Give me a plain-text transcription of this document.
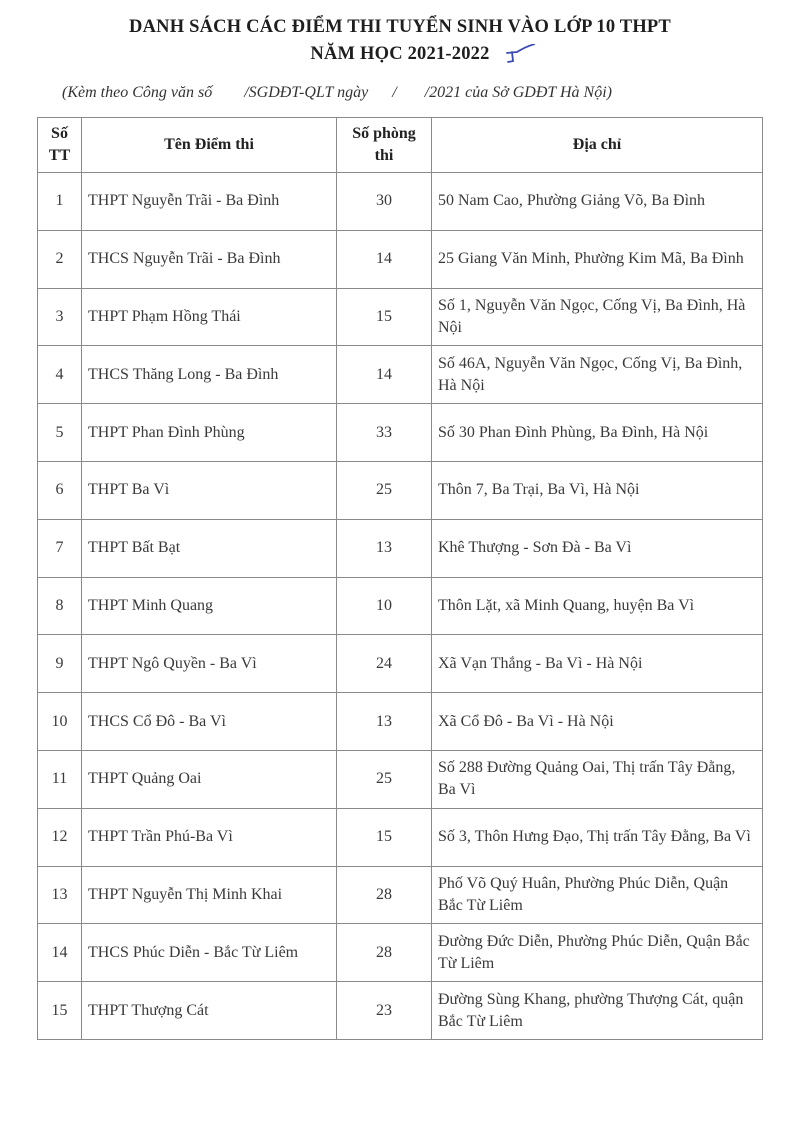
DANH SÁCH CÁC ĐIỂM THI TUYỂN SINH VÀO LỚP 10 THPT
NĂM HỌC 2021-2022
(Kèm theo Công văn số        /SGDĐT-QLT ngày      /       /2021 của Sở GDĐT Hà Nội)
Số TT	Tên Điểm thi	Số phòng thi	Địa chỉ
1	THPT Nguyễn Trãi - Ba Đình	30	50 Nam Cao, Phường Giảng Võ, Ba Đình
2	THCS Nguyễn Trãi - Ba Đình	14	25 Giang Văn Minh, Phường Kim Mã, Ba Đình
3	THPT Phạm Hồng Thái	15	Số 1, Nguyễn Văn Ngọc, Cống Vị, Ba Đình, Hà Nội
4	THCS Thăng Long - Ba Đình	14	Số 46A, Nguyễn Văn Ngọc, Cống Vị, Ba Đình, Hà Nội
5	THPT Phan Đình Phùng	33	Số 30 Phan Đình Phùng, Ba Đình, Hà Nội
6	THPT Ba Vì	25	Thôn 7, Ba Trại, Ba Vì, Hà Nội
7	THPT Bất Bạt	13	Khê Thượng - Sơn Đà - Ba Vì
8	THPT Minh Quang	10	Thôn Lặt, xã Minh Quang, huyện Ba Vì
9	THPT Ngô Quyền - Ba Vì	24	Xã Vạn Thắng - Ba Vì - Hà Nội
10	THCS Cổ Đô - Ba Vì	13	Xã Cổ Đô - Ba Vì - Hà Nội
11	THPT Quảng Oai	25	Số 288 Đường Quảng Oai, Thị trấn Tây Đằng, Ba Vì
12	THPT Trần Phú-Ba Vì	15	Số 3, Thôn Hưng Đạo, Thị trấn Tây Đằng, Ba Vì
13	THPT Nguyễn Thị Minh Khai	28	Phố Võ Quý Huân, Phường Phúc Diễn, Quận Bắc Từ Liêm
14	THCS Phúc Diễn - Bắc Từ Liêm	28	Đường Đức Diễn, Phường Phúc Diễn, Quận Bắc Từ Liêm
15	THPT Thượng Cát	23	Đường Sùng Khang, phường Thượng Cát, quận Bắc Từ Liêm
